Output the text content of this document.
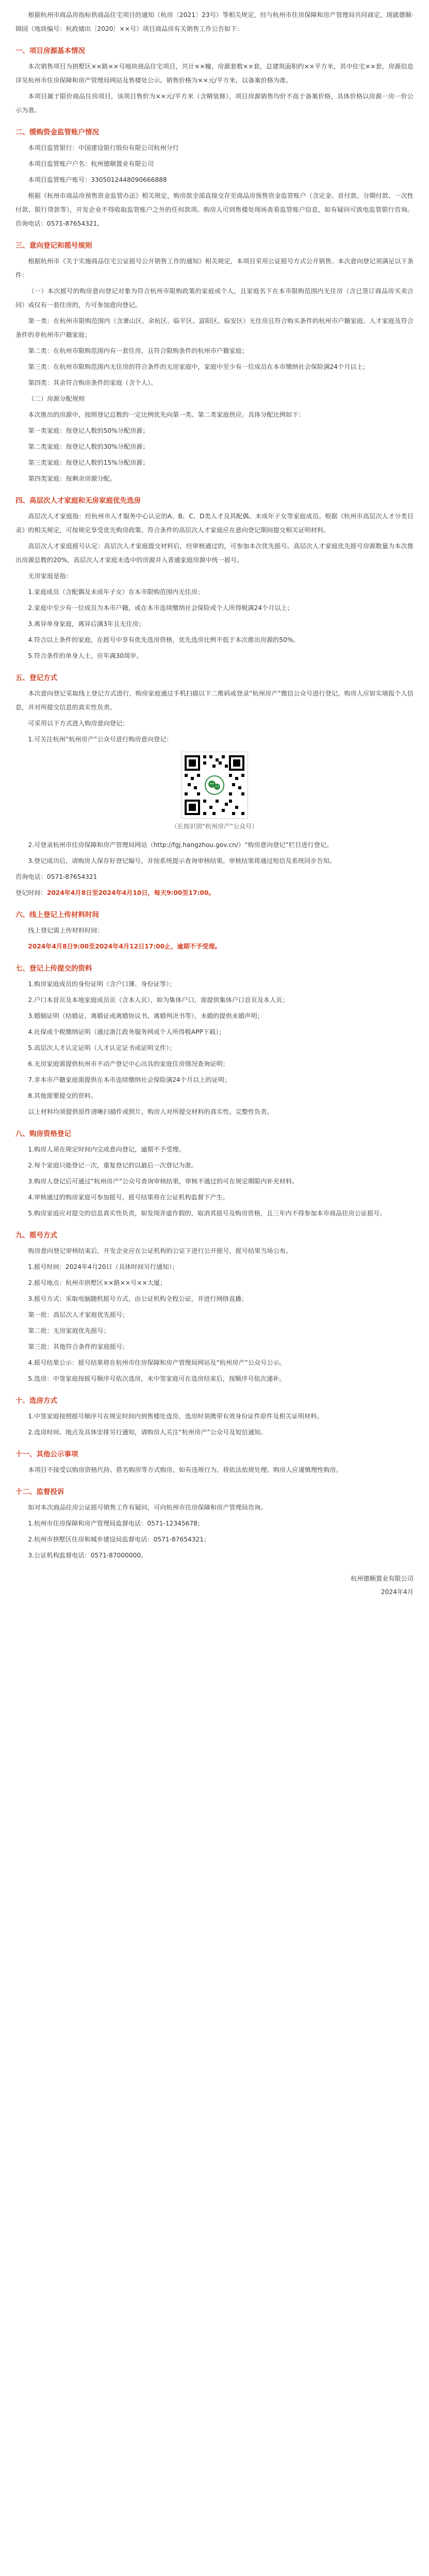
根据杭州市商品房指标供商品住宅项目的通知（杭房〔2021〕23号）等相关规定，经与杭州市住房保障和房产管理局共同商定，现就德顺·锦园（地块编号：杭政储出〔2020〕××号）项目商品房有关销售工作公告如下：

一、项目房源基本情况

本次销售项目为拱墅区××路××号地块商品住宅项目，共计××幢，房源套数××套，总建筑面积约××平方米，其中住宅××套，房源信息详见杭州市住房保障和房产管理局网站及售楼处公示。销售价格为××元/平方米，以备案价格为准。

本项目属于限价商品住房项目，该项目售价为××元/平方米（含精装修），项目房源销售均价不高于备案价格，具体价格以房源一房一价公示为准。

二、缓购资金监管账户情况

本项目监管银行：中国建设银行股份有限公司杭州分行

本项目监管账户户名：杭州德顺置业有限公司

本项目监管账户账号：3305012448090666888

根据《杭州市商品房预售资金监管办法》相关规定，购房款全部直接交存至商品房预售资金监管账户（含定金、首付款、分期付款、一次性付款、银行贷款等），开发企业不得收取监管账户之外的任何款项。购房人可到售楼处现场查看监管账户信息，如有疑问可致电监管银行咨询。咨询电话：0571-87654321。

三、意向登记和摇号规则

根据杭州市《关于实施商品住宅公证摇号公开销售工作的通知》相关规定，本项目采用公证摇号方式公开销售。本次意向登记须满足以下条件：

（一）本次摇号的购房意向登记对象为符合杭州市限购政策的家庭或个人，且家庭名下在本市限购范围内无住房（含已签订商品房买卖合同）或仅有一套住房的，方可参加意向登记。

第一类：在杭州市限购范围内（含萧山区、余杭区、临平区、富阳区、临安区）无住房且符合购买条件的杭州市户籍家庭、人才家庭及符合条件的非杭州市户籍家庭；

第二类：在杭州市限购范围内有一套住房，且符合限购条件的杭州市户籍家庭；

第三类：在杭州市限购范围内无住房的符合条件的无房家庭中，家庭中至少有一位成员在本市缴纳社会保险满24个月以上；

第四类：其余符合购房条件的家庭（含个人）。

（二）房源分配规则

本次推出的房源中，按照登记总数的一定比例优先向第一类、第二类家庭供应。具体分配比例如下：

第一类家庭：按登记人数的50%分配房源；

第二类家庭：按登记人数的30%分配房源；

第三类家庭：按登记人数的15%分配房源；

第四类家庭：按剩余房源分配。

四、高层次人才家庭和无房家庭优先选房

高层次人才家庭指：经杭州市人才服务中心认定的A、B、C、D类人才及其配偶、未成年子女等家庭成员。根据《杭州市高层次人才分类目录》的相关规定，可按规定享受优先购房政策。符合条件的高层次人才家庭应在意向登记期间提交相关证明材料。

高层次人才家庭摇号认定：高层次人才家庭提交材料后，经审核通过的，可参加本次优先摇号。高层次人才家庭优先摇号房源数量为本次推出房源总数的20%，高层次人才家庭未选中的房源并入普通家庭房源中统一摇号。

无房家庭是指：

1.家庭成员（含配偶及未成年子女）在本市限购范围内无住房；

2.家庭中至少有一位成员为本市户籍，或在本市连续缴纳社会保险或个人所得税满24个月以上；

3.离异单身家庭，离异后满3年且无住房；

4.符合以上条件的家庭，在摇号中享有优先选房资格，优先选房比例不低于本次推出房源的50%。

5.符合条件的单身人士，应年满30周岁。

五、登记方式

本次意向登记采取线上登记方式进行，购房家庭通过手机扫描以下二维码或登录“杭州房产”微信公众号进行登记。购房人应如实填报个人信息，并对所提交信息的真实性负责。

可采用以下方式进入购房意向登记：

1.可关注杭州“杭州房产”公众号进行购房意向登记：

（长按识别“杭州房产”公众号）

2.可登录杭州市住房保障和房产管理局网站（http://fgj.hangzhou.gov.cn/）“购房意向登记”栏目进行登记。

3.登记成功后，请购房人保存好登记编号，并按系统提示查询审核结果。审核结果将通过短信及系统同步告知。

咨询电话：0571-87654321

登记时间：2024年4月8日至2024年4月10日，每天9:00至17:00。

六、线上登记上传材料时间

线上登记需上传材料时间：

2024年4月8日9:00至2024年4月12日17:00止，逾期不予受理。

七、登记上传提交的资料

1.购房家庭成员的身份证明（含户口簿、身份证等）；

2.户口本首页及本地家庭成员页（含本人页），如为集体户口，需提供集体户口首页及本人页；

3.婚姻证明（结婚证、离婚证或离婚协议书、离婚判决书等），未婚的提供未婚声明；

4.社保或个税缴纳证明（通过浙江政务服务网或个人所得税APP下载）；

5.高层次人才认定证明（人才认定证书或证明文件）；

6.无房家庭需提供杭州市不动产登记中心出具的家庭住房情况查询证明；

7.非本市户籍家庭需提供在本市连续缴纳社会保险满24个月以上的证明；

8.其他需要提交的资料。

以上材料均须提供原件清晰扫描件或照片，购房人对所提交材料的真实性、完整性负责。

八、购房资格登记

1.购房人须在规定时间内完成意向登记，逾期不予受理。

2.每个家庭只能登记一次，重复登记的以最后一次登记为准。

3.购房人登记后可通过“杭州房产”公众号查询审核结果，审核不通过的可在规定期限内补充材料。

4.审核通过的购房家庭可参加摇号，摇号结果将在公证机构监督下产生。

5.购房家庭应对提交的信息真实性负责，如发现弄虚作假的，取消其摇号及购房资格，且三年内不得参加本市商品住房公证摇号。

九、摇号方式

购房意向登记审核结束后，开发企业应在公证机构的公证下进行公开摇号，摇号结果当场公布。

1.摇号时间：2024年4月20日（具体时间另行通知）；

2.摇号地点：杭州市拱墅区××路××号××大厦；

3.摇号方式：采取电脑随机摇号方式，由公证机构全程公证，并进行网络直播；

第一批：高层次人才家庭优先摇号；

第二批：无房家庭优先摇号；

第三批：其他符合条件的家庭摇号；

4.摇号结果公示：摇号结果将在杭州市住房保障和房产管理局网站及“杭州房产”公众号公示。

5.选房：中签家庭按摇号顺序号依次选房，未中签家庭可在选房结束后，按顺序号依次递补。

十、选房方式

1.中签家庭按照摇号顺序号在规定时间内到售楼处选房，选房时须携带有效身份证件原件及相关证明材料。

2.选房时间、地点及具体安排另行通知，请购房人关注“杭州房产”公众号及短信通知。

十一、其他公示事项

本项目不接受以购房资格代持、借名购房等方式购房，如有违规行为，将依法依规处理。购房人应谨慎理性购房。

十二、监督投诉

如对本次商品住房公证摇号销售工作有疑问，可向杭州市住房保障和房产管理局咨询。

1.杭州市住房保障和房产管理局监督电话：0571-12345678；

2.杭州市拱墅区住房和城乡建设局监督电话：0571-87654321；

3.公证机构监督电话：0571-87000000。

杭州德顺置业有限公司

2024年4月
